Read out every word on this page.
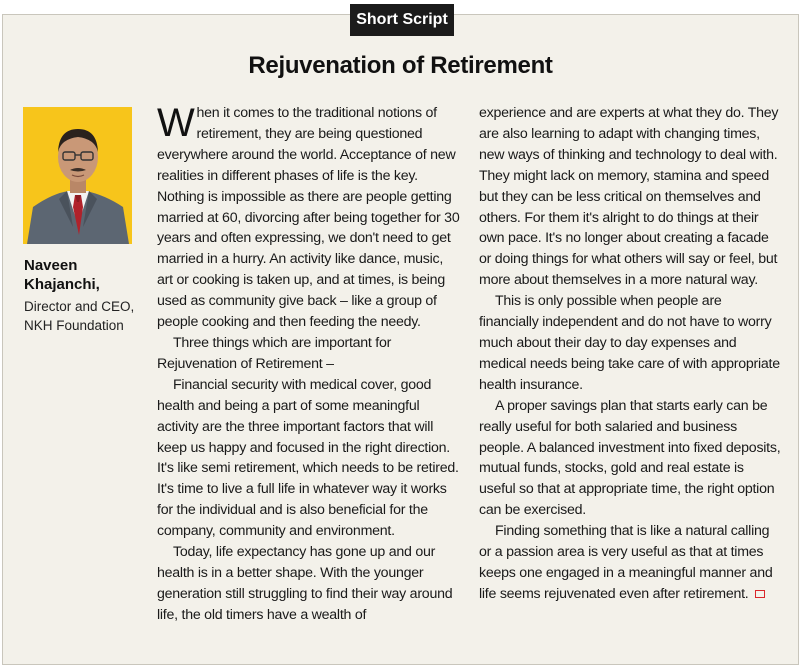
Short Script
Rejuvenation of Retirement
Naveen
Khajanchi,
Director and CEO,
NKH Foundation

When it comes to the traditional notions of retirement, they are being questioned everywhere around the world. Acceptance of new realities in different phases of life is the key. Nothing is impossible as there are people getting married at 60, divorcing after being together for 30 years and often expressing, we don't need to get married in a hurry. An activity like dance, music, art or cooking is taken up, and at times, is being used as community give back – like a group of people cooking and then feeding the needy.

Three things which are important for

Rejuvenation of Retirement –

Financial security with medical cover, good health and being a part of some meaningful activity are the three important factors that will keep us happy and focused in the right direction. It's like semi retirement, which needs to be retired. It's time to live a full life in whatever way it works for the individual and is also beneficial for the company, community and environment.

Today, life expectancy has gone up and our health is in a better shape. With the younger generation still struggling to find their way around life, the old timers have a wealth of

experience and are experts at what they do. They are also learning to adapt with changing times, new ways of thinking and technology to deal with. They might lack on memory, stamina and speed but they can be less critical on themselves and others. For them it's alright to do things at their own pace. It's no longer about creating a facade or doing things for what others will say or feel, but more about themselves in a more natural way.

This is only possible when people are financially independent and do not have to worry much about their day to day expenses and medical needs being take care of with appropriate health insurance.

A proper savings plan that starts early can be really useful for both salaried and business people. A balanced investment into fixed deposits, mutual funds, stocks, gold and real estate is useful so that at appropriate time, the right option can be exercised.

Finding something that is like a natural calling or a passion area is very useful as that at times keeps one engaged in a meaningful manner and life seems rejuvenated even after retirement.
